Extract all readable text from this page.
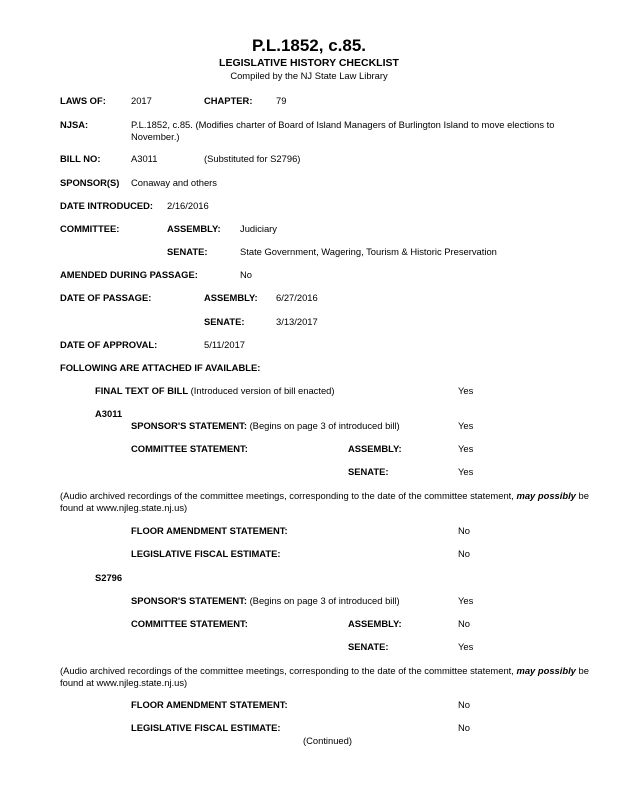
P.L.1852, c.85.
LEGISLATIVE HISTORY CHECKLIST
Compiled by the NJ State Law Library
LAWS OF:	2017	CHAPTER:	79
NJSA:	P.L.1852, c.85. (Modifies charter of Board of Island Managers of Burlington Island to move elections to November.)
BILL NO:	A3011	(Substituted for S2796)
SPONSOR(S) Conaway and others
DATE INTRODUCED: 2/16/2016
COMMITTEE:	ASSEMBLY: Judiciary
SENATE:	State Government, Wagering, Tourism & Historic Preservation
AMENDED DURING PASSAGE:	No
DATE OF PASSAGE:	ASSEMBLY: 6/27/2016
SENATE:	3/13/2017
DATE OF APPROVAL:	5/11/2017
FOLLOWING ARE ATTACHED IF AVAILABLE:
FINAL TEXT OF BILL (Introduced version of bill enacted)	Yes
A3011
SPONSOR'S STATEMENT: (Begins on page 3 of introduced bill)	Yes
COMMITTEE STATEMENT:	ASSEMBLY:	Yes
SENATE:	Yes
(Audio archived recordings of the committee meetings, corresponding to the date of the committee statement, may possibly be found at www.njleg.state.nj.us)
FLOOR AMENDMENT STATEMENT:	No
LEGISLATIVE FISCAL ESTIMATE:	No
S2796
SPONSOR'S STATEMENT: (Begins on page 3 of introduced bill)	Yes
COMMITTEE STATEMENT:	ASSEMBLY:	No
SENATE:	Yes
(Audio archived recordings of the committee meetings, corresponding to the date of the committee statement, may possibly be found at www.njleg.state.nj.us)
FLOOR AMENDMENT STATEMENT:	No
LEGISLATIVE FISCAL ESTIMATE:	No
(Continued)
